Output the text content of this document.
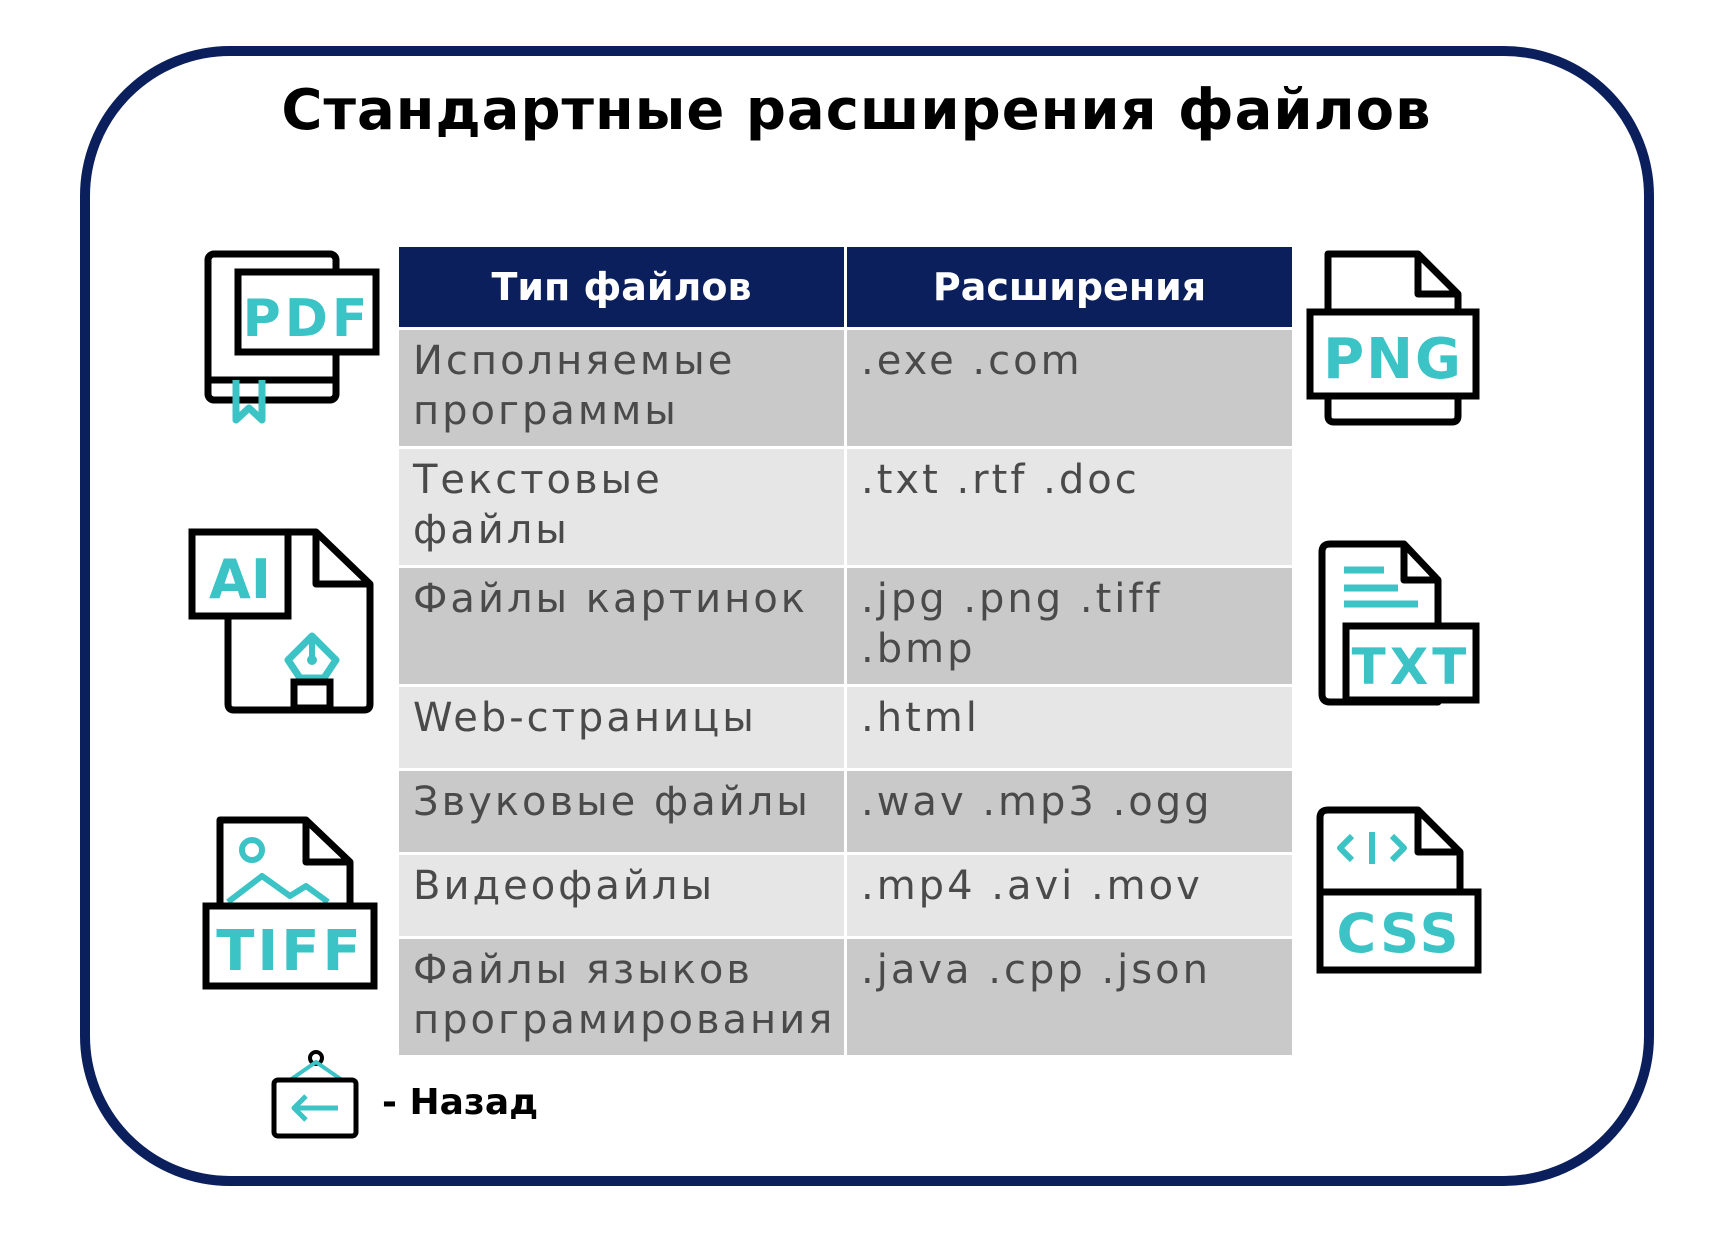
Стандартные расширения файлов
Тип файлов	Расширения
Исполняемые
программы	.exe .com
Текстовые файлы	.txt .rtf .doc
Файлы картинок	.jpg .png .tiff .bmp
Web-страницы	.html
Звуковые файлы	.wav .mp3 .ogg
Видеофайлы	.mp4 .avi .mov
Файлы языков
програмирования	.java .cpp .json
PDF
AI
TIFF
PNG
TXT
CSS
- Назад
